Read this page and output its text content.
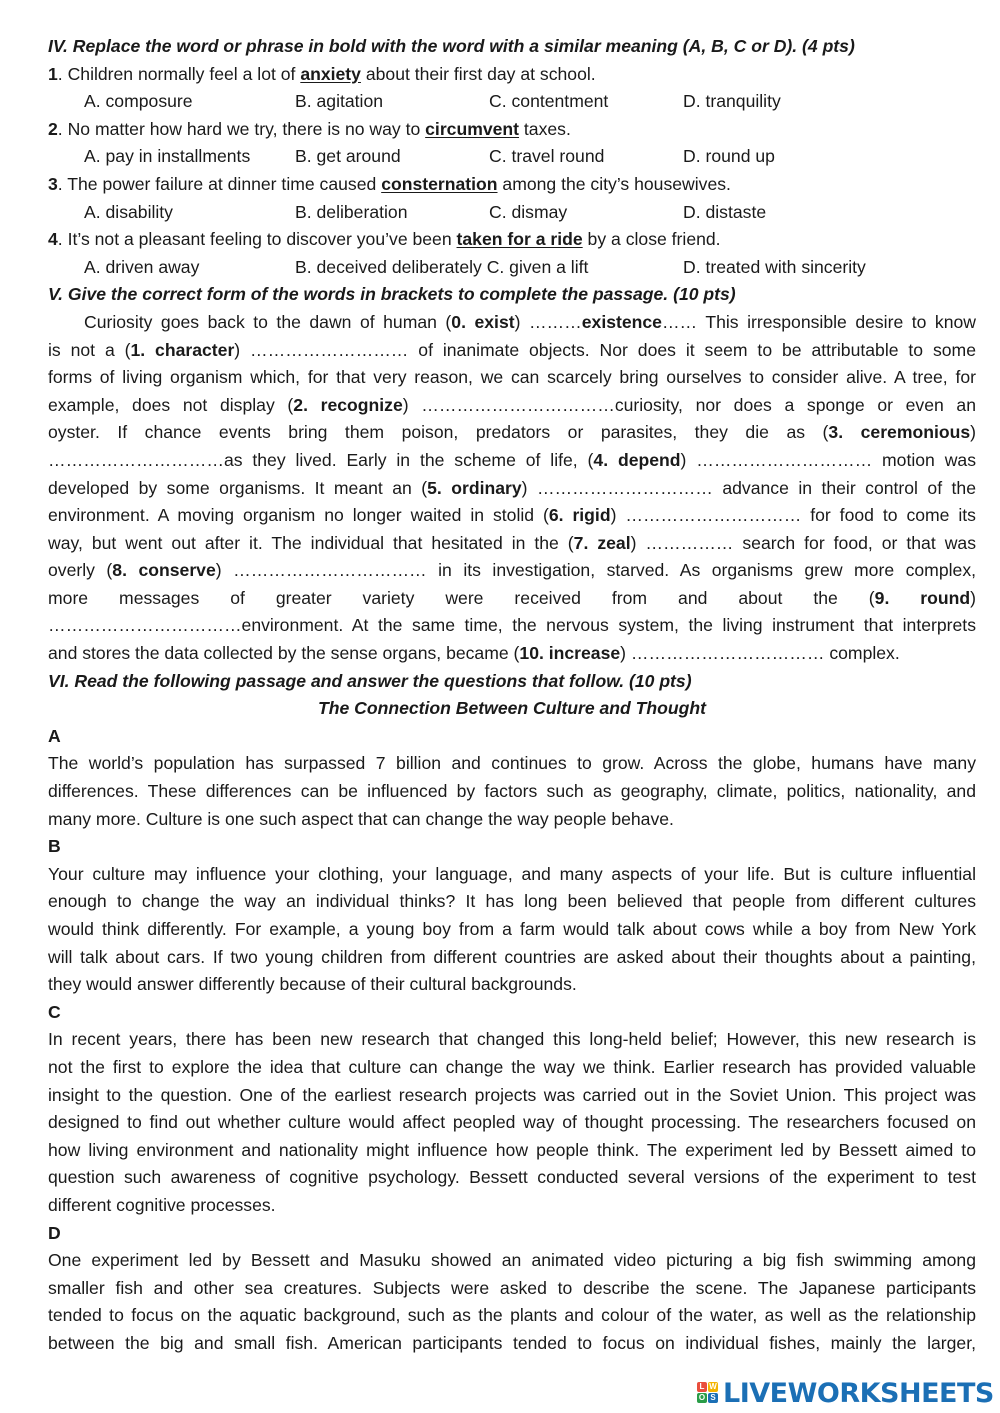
IV. Replace the word or phrase in bold with the word with a similar meaning (A, B, C or D). (4 pts)
1. Children normally feel a lot of anxiety about their first day at school.
A. composure	B. agitation	C. contentment	D. tranquility
2. No matter how hard we try, there is no way to circumvent taxes.
A. pay in installments	B. get around	C. travel round	D. round up
3. The power failure at dinner time caused consternation among the city’s housewives.
A. disability	B. deliberation	C. dismay	D. distaste
4. It’s not a pleasant feeling to discover you’ve been taken for a ride by a close friend.
A. driven away	B. deceived deliberately C. given a lift	D. treated with sincerity
V. Give the correct form of the words in brackets to complete the passage. (10 pts)
Curiosity goes back to the dawn of human (0. exist) ………existence…… This irresponsible desire to know
is not a (1. character) ……………………… of inanimate objects. Nor does it seem to be attributable to some
forms of living organism which, for that very reason, we can scarcely bring ourselves to consider alive. A tree, for
example, does not display (2. recognize) ……………………………curiosity, nor does a sponge or even an
oyster. If chance events bring them poison, predators or parasites, they die as (3. ceremonious)
…………………………as they lived. Early in the scheme of life, (4. depend) ………………………… motion was
developed by some organisms. It meant an (5. ordinary) ………………………… advance in their control of the
environment. A moving organism no longer waited in stolid (6. rigid) ………………………… for food to come its
way, but went out after it. The individual that hesitated in the (7. zeal) …………… search for food, or that was
overly (8. conserve) …………………………… in its investigation, starved. As organisms grew more complex,
more messages of greater variety were received from and about the (9. round)
……………………………environment. At the same time, the nervous system, the living instrument that interprets
and stores the data collected by the sense organs, became (10. increase) …………………………… complex.
VI. Read the following passage and answer the questions that follow. (10 pts)
The Connection Between Culture and Thought
A
The world’s population has surpassed 7 billion and continues to grow. Across the globe, humans have many
differences. These differences can be influenced by factors such as geography, climate, politics, nationality, and
many more. Culture is one such aspect that can change the way people behave.
B
Your culture may influence your clothing, your language, and many aspects of your life. But is culture influential
enough to change the way an individual thinks? It has long been believed that people from different cultures
would think differently. For example, a young boy from a farm would talk about cows while a boy from New York
will talk about cars. If two young children from different countries are asked about their thoughts about a painting,
they would answer differently because of their cultural backgrounds.
C
In recent years, there has been new research that changed this long-held belief; However, this new research is
not the first to explore the idea that culture can change the way we think. Earlier research has provided valuable
insight to the question. One of the earliest research projects was carried out in the Soviet Union. This project was
designed to find out whether culture would affect peopled way of thought processing. The researchers focused on
how living environment and nationality might influence how people think. The experiment led by Bessett aimed to
question such awareness of cognitive psychology. Bessett conducted several versions of the experiment to test
different cognitive processes.
D
One experiment led by Bessett and Masuku showed an animated video picturing a big fish swimming among
smaller fish and other sea creatures. Subjects were asked to describe the scene. The Japanese participants
tended to focus on the aquatic background, such as the plants and colour of the water, as well as the relationship
between the big and small fish. American participants tended to focus on individual fishes, mainly the larger,
L W
O S LIVEWORKSHEETS
